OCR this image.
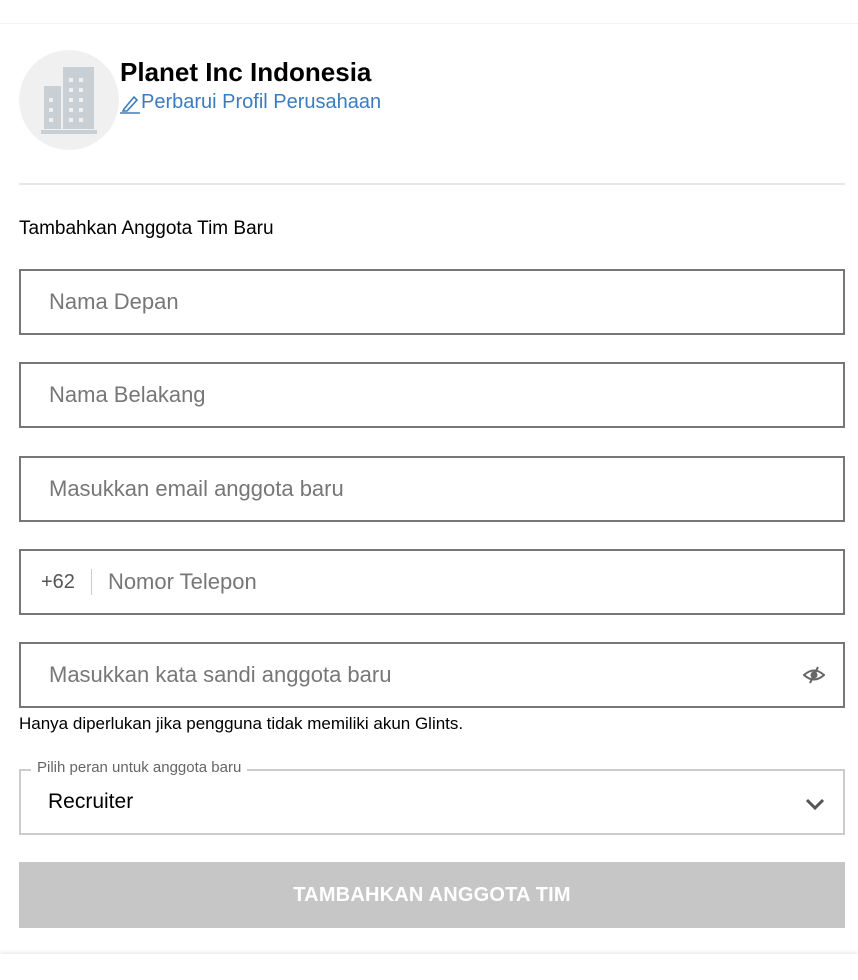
Planet Inc Indonesia
Perbarui Profil Perusahaan
Tambahkan Anggota Tim Baru
Nama Depan
Nama Belakang
Masukkan email anggota baru
+62
Nomor Telepon
Hanya diperlukan jika pengguna tidak memiliki akun Glints.
Pilih peran untuk anggota baru
Recruiter
TAMBAHKAN ANGGOTA TIM
